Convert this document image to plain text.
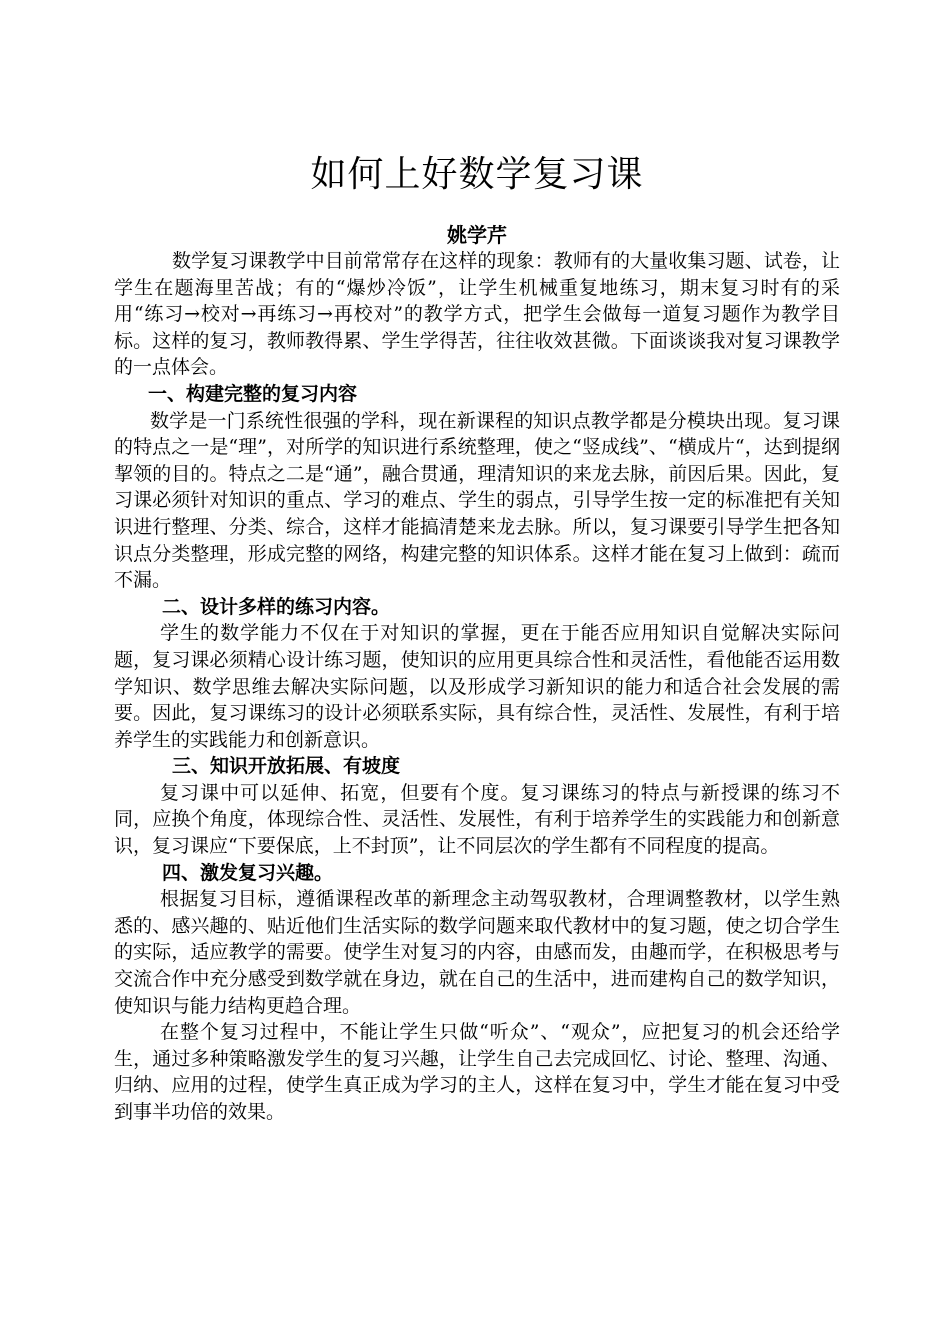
如何上好数学复习课

姚学芹

数学复习课教学中目前常常存在这样的现象：教师有的大量收集习题、试卷，让学生在题海里苦战；有的“爆炒冷饭”，让学生机械重复地练习，期末复习时有的采用“练习→校对→再练习→再校对”的教学方式，把学生会做每一道复习题作为教学目标。这样的复习，教师教得累、学生学得苦，往往收效甚微。下面谈谈我对复习课教学的一点体会。

一、构建完整的复习内容

数学是一门系统性很强的学科，现在新课程的知识点教学都是分模块出现。复习课的特点之一是“理”，对所学的知识进行系统整理，使之“竖成线”、“横成片“，达到提纲挈领的目的。特点之二是“通”，融合贯通，理清知识的来龙去脉，前因后果。因此，复习课必须针对知识的重点、学习的难点、学生的弱点，引导学生按一定的标准把有关知识进行整理、分类、综合，这样才能搞清楚来龙去脉。所以，复习课要引导学生把各知识点分类整理，形成完整的网络，构建完整的知识体系。这样才能在复习上做到：疏而不漏。

二、设计多样的练习内容。

学生的数学能力不仅在于对知识的掌握，更在于能否应用知识自觉解决实际问题，复习课必须精心设计练习题，使知识的应用更具综合性和灵活性，看他能否运用数学知识、数学思维去解决实际问题，以及形成学习新知识的能力和适合社会发展的需要。因此，复习课练习的设计必须联系实际，具有综合性，灵活性、发展性，有利于培养学生的实践能力和创新意识。

三、知识开放拓展、有坡度

复习课中可以延伸、拓宽，但要有个度。复习课练习的特点与新授课的练习不同，应换个角度，体现综合性、灵活性、发展性，有利于培养学生的实践能力和创新意识，复习课应“下要保底，上不封顶”，让不同层次的学生都有不同程度的提高。

四、激发复习兴趣。

根据复习目标，遵循课程改革的新理念主动驾驭教材，合理调整教材，以学生熟悉的、感兴趣的、贴近他们生活实际的数学问题来取代教材中的复习题，使之切合学生的实际，适应教学的需要。使学生对复习的内容，由感而发，由趣而学，在积极思考与交流合作中充分感受到数学就在身边，就在自己的生活中，进而建构自己的数学知识，使知识与能力结构更趋合理。

在整个复习过程中，不能让学生只做“听众”、“观众”，应把复习的机会还给学生，通过多种策略激发学生的复习兴趣，让学生自己去完成回忆、讨论、整理、沟通、归纳、应用的过程，使学生真正成为学习的主人，这样在复习中，学生才能在复习中受到事半功倍的效果。
